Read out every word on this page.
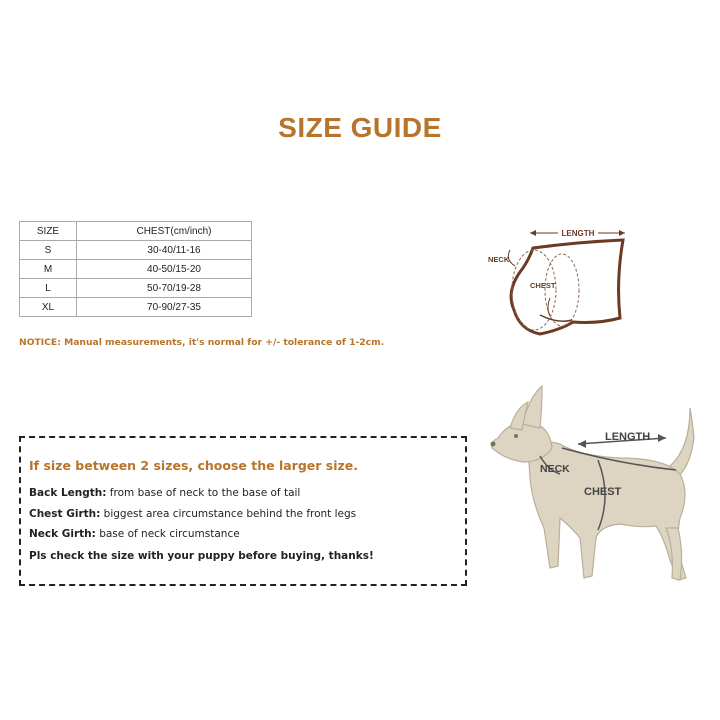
SIZE GUIDE
SIZE	CHEST(cm/inch)
S	30-40/11-16
M	40-50/15-20
L	50-70/19-28
XL	70-90/27-35
NOTICE: Manual measurements, it's normal for +/- tolerance of 1-2cm.
LENGTH
NECK
CHEST
If size between 2 sizes, choose the larger size.
Back Length: from base of neck to the base of tail
Chest Girth: biggest area circumstance behind the front legs
Neck Girth: base of neck circumstance
Pls check the size with your puppy before buying, thanks!
LENGTH
NECK
CHEST
